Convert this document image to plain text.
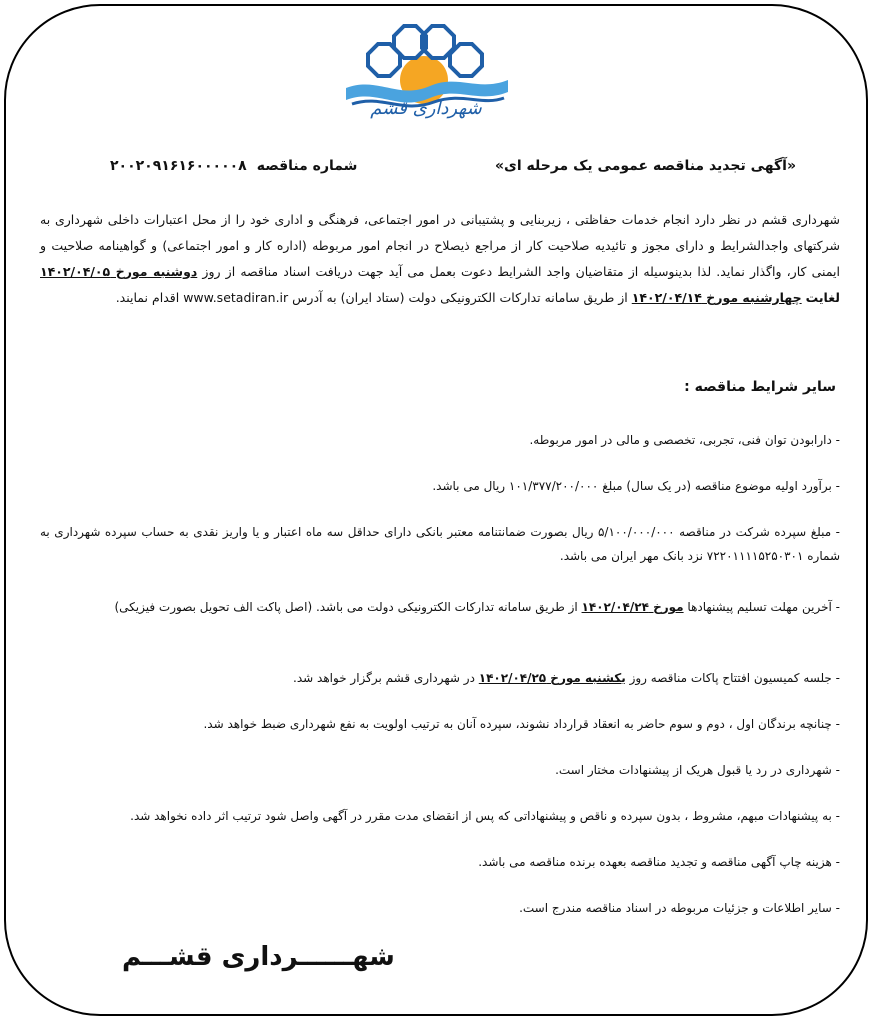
شهرداری قشم
«آگهی تجدید مناقصه عمومی یک مرحله ای»
شماره مناقصه۲۰۰۲۰۹۱۶۱۶۰۰۰۰۰۸
شهرداری قشم در نظر دارد انجام خدمات حفاظتی ، زیربنایی و پشتیبانی در امور اجتماعی، فرهنگی و اداری خود را از محل اعتبارات داخلی شهرداری به شرکتهای واجدالشرایط و دارای مجوز و تائیدیه صلاحیت کار از مراجع ذیصلاح در انجام امور مربوطه (اداره کار و امور اجتماعی) و گواهینامه صلاحیت و ایمنی کار، واگذار نماید. لذا بدینوسیله از متقاضیان واجد الشرایط دعوت بعمل می آید جهت دریافت اسناد مناقصه از روز دوشنبه مورخ ۱۴۰۲/۰۴/۰۵ لغایت چهارشنبه مورخ ۱۴۰۲/۰۴/۱۴ از طریق سامانه تدارکات الکترونیکی دولت (ستاد ایران) به آدرس www.setadiran.ir اقدام نمایند.
سایر شرایط مناقصه :
- دارابودن توان فنی، تجربی، تخصصی و مالی در امور مربوطه.
- برآورد اولیه موضوع مناقصه (در یک سال) مبلغ ۱۰۱/۳۷۷/۲۰۰/۰۰۰ ریال می باشد.
- مبلغ سپرده شرکت در مناقصه ۵/۱۰۰/۰۰۰/۰۰۰ ریال بصورت ضمانتنامه معتبر بانکی دارای حداقل سه ماه اعتبار و یا واریز نقدی به حساب سپرده شهرداری به شماره ۷۲۲۰۱۱۱۱۵۲۵۰۳۰۱ نزد بانک مهر ایران می باشد.
- آخرین مهلت تسلیم پیشنهادها مورخ ۱۴۰۲/۰۴/۲۴ از طریق سامانه تدارکات الکترونیکی دولت می باشد. (اصل پاکت الف تحویل بصورت فیزیکی)
- جلسه کمیسیون افتتاح پاکات مناقصه روز یکشنبه مورخ ۱۴۰۲/۰۴/۲۵ در شهرداری قشم برگزار خواهد شد.
- چنانچه برندگان اول ، دوم و سوم حاضر به انعقاد قرارداد نشوند، سپرده آنان به ترتیب اولویت به نفع شهرداری ضبط خواهد شد.
- شهرداری در رد یا قبول هریک از پیشنهادات مختار است.
- به پیشنهادات مبهم، مشروط ، بدون سپرده و ناقص و پیشنهاداتی که پس از انقضای مدت مقرر در آگهی واصل شود ترتیب اثر داده نخواهد شد.
- هزینه چاپ آگهی مناقصه و تجدید مناقصه بعهده برنده مناقصه می باشد.
- سایر اطلاعات و جزئیات مربوطه در اسناد مناقصه مندرج است.
شهــــــرداری قشـــم
